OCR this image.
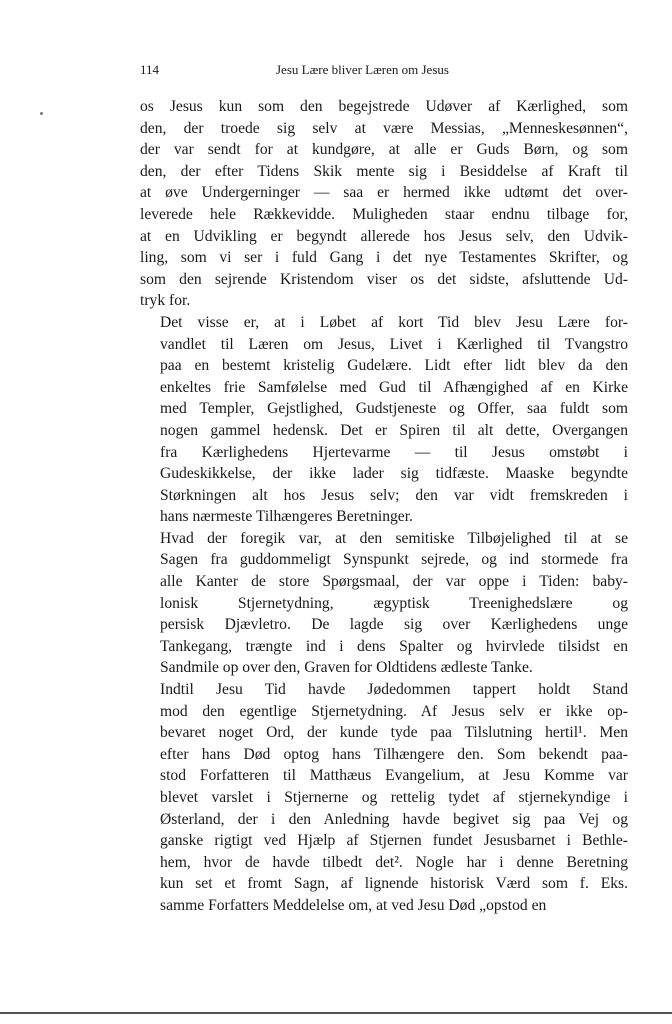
114	Jesu Lære bliver Læren om Jesus
os Jesus kun som den begejstrede Udøver af Kærlighed, som
den, der troede sig selv at være Messias, „Menneskesønnen“,
der var sendt for at kundgøre, at alle er Guds Børn, og som
den, der efter Tidens Skik mente sig i Besiddelse af Kraft til
at øve Undergerninger — saa er hermed ikke udtømt det over-
leverede hele Rækkevidde. Muligheden staar endnu tilbage for,
at en Udvikling er begyndt allerede hos Jesus selv, den Udvik-
ling, som vi ser i fuld Gang i det nye Testamentes Skrifter, og
som den sejrende Kristendom viser os det sidste, afsluttende Ud-
tryk for.
Det visse er, at i Løbet af kort Tid blev Jesu Lære for-
vandlet til Læren om Jesus, Livet i Kærlighed til Tvangstro
paa en bestemt kristelig Gudelære. Lidt efter lidt blev da den
enkeltes frie Samfølelse med Gud til Afhængighed af en Kirke
med Templer, Gejstlighed, Gudstjeneste og Offer, saa fuldt som
nogen gammel hedensk. Det er Spiren til alt dette, Overgangen
fra Kærlighedens Hjertevarme — til Jesus omstøbt i
Gudeskikkelse, der ikke lader sig tidfæste. Maaske begyndte
Størkningen alt hos Jesus selv; den var vidt fremskreden i
hans nærmeste Tilhængeres Beretninger.
Hvad der foregik var, at den semitiske Tilbøjelighed til at se
Sagen fra guddommeligt Synspunkt sejrede, og ind stormede fra
alle Kanter de store Spørgsmaal, der var oppe i Tiden: baby-
lonisk Stjernetydning, ægyptisk Treenighedslære og
persisk Djævletro. De lagde sig over Kærlighedens unge
Tankegang, trængte ind i dens Spalter og hvirvlede tilsidst en
Sandmile op over den, Graven for Oldtidens ædleste Tanke.
Indtil Jesu Tid havde Jødedommen tappert holdt Stand
mod den egentlige Stjernetydning. Af Jesus selv er ikke op-
bevaret noget Ord, der kunde tyde paa Tilslutning hertil¹. Men
efter hans Død optog hans Tilhængere den. Som bekendt paa-
stod Forfatteren til Matthæus Evangelium, at Jesu Komme var
blevet varslet i Stjernerne og rettelig tydet af stjernekyndige i
Østerland, der i den Anledning havde begivet sig paa Vej og
ganske rigtigt ved Hjælp af Stjernen fundet Jesusbarnet i Bethle-
hem, hvor de havde tilbedt det². Nogle har i denne Beretning
kun set et fromt Sagn, af lignende historisk Værd som f. Eks.
samme Forfatters Meddelelse om, at ved Jesu Død „opstod en
